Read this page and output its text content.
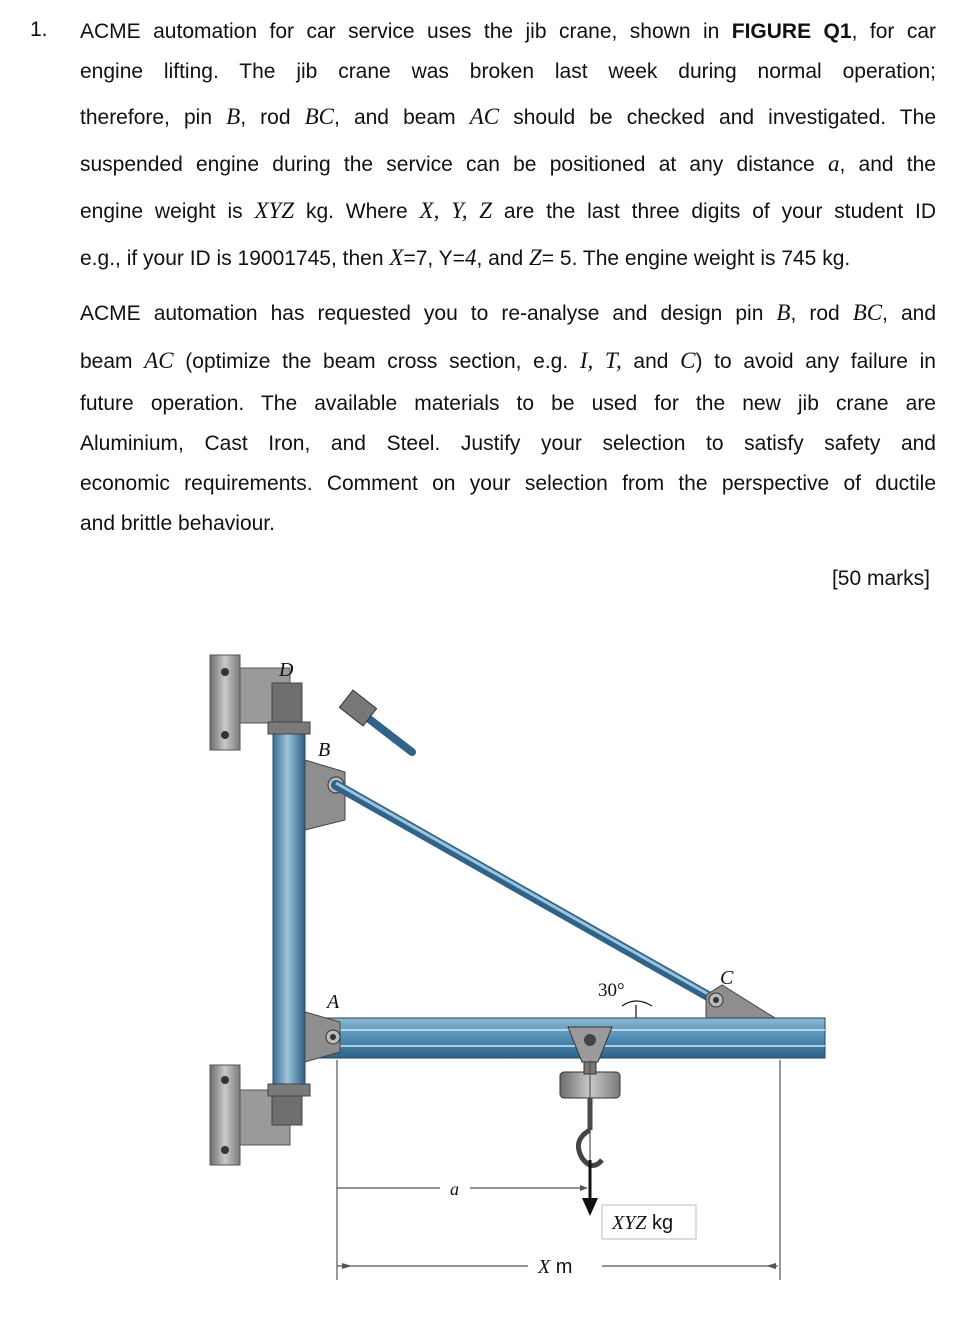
1. ACME automation for car service uses the jib crane, shown in FIGURE Q1, for car
engine lifting. The jib crane was broken last week during normal operation;
therefore, pin B, rod BC, and beam AC should be checked and investigated. The
suspended engine during the service can be positioned at any distance a, and the
engine weight is XYZ kg. Where X, Y, Z are the last three digits of your student ID
e.g., if your ID is 19001745, then X=7, Y=4, and Z= 5. The engine weight is 745 kg.
ACME automation has requested you to re-analyse and design pin B, rod BC, and
beam AC (optimize the beam cross section, e.g. I, T, and C) to avoid any failure in
future operation. The available materials to be used for the new jib crane are
Aluminium, Cast Iron, and Steel. Justify your selection to satisfy safety and
economic requirements. Comment on your selection from the perspective of ductile
and brittle behaviour.
[50 marks]
D
B
A
C
30°
a
XYZ kg
X m
